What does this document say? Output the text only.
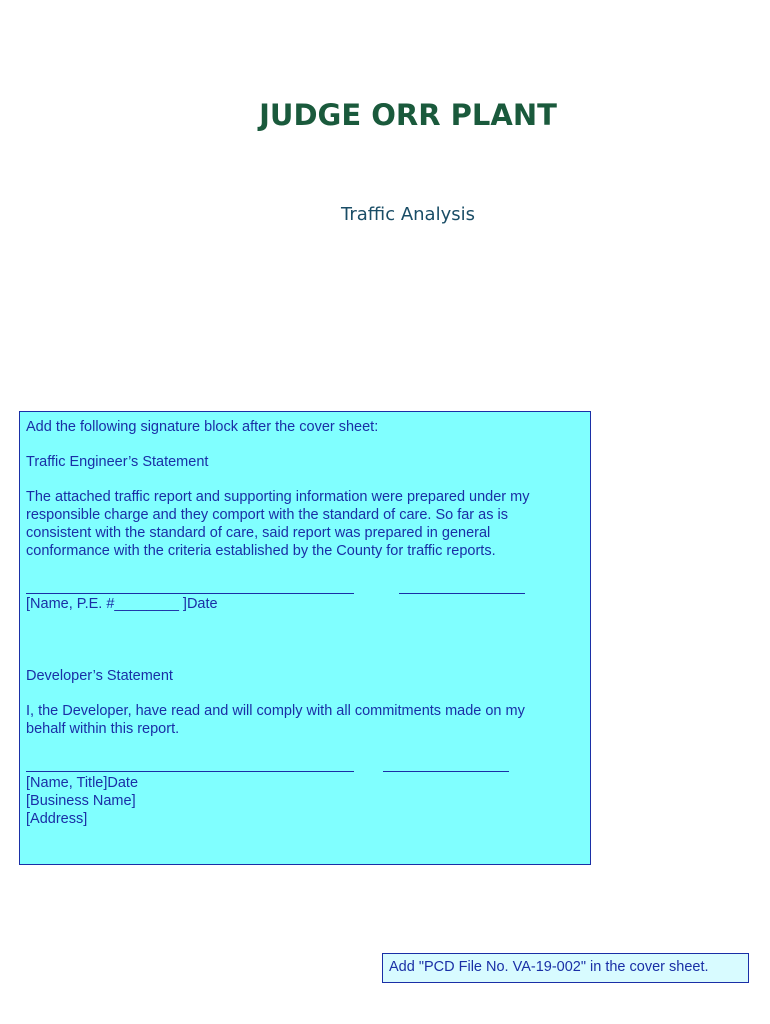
JUDGE ORR PLANT
Traffic Analysis
Add the following signature block after the cover sheet:
Traffic Engineer’s Statement
The attached traffic report and supporting information were prepared under my
responsible charge and they comport with the standard of care. So far as is
consistent with the standard of care, said report was prepared in general
conformance with the criteria established by the County for traffic reports.
[Name, P.E. #________ ]Date
Developer’s Statement
I, the Developer, have read and will comply with all commitments made on my
behalf within this report.
[Name, Title]Date
[Business Name]
[Address]
Add "PCD File No. VA-19-002" in the cover sheet.
